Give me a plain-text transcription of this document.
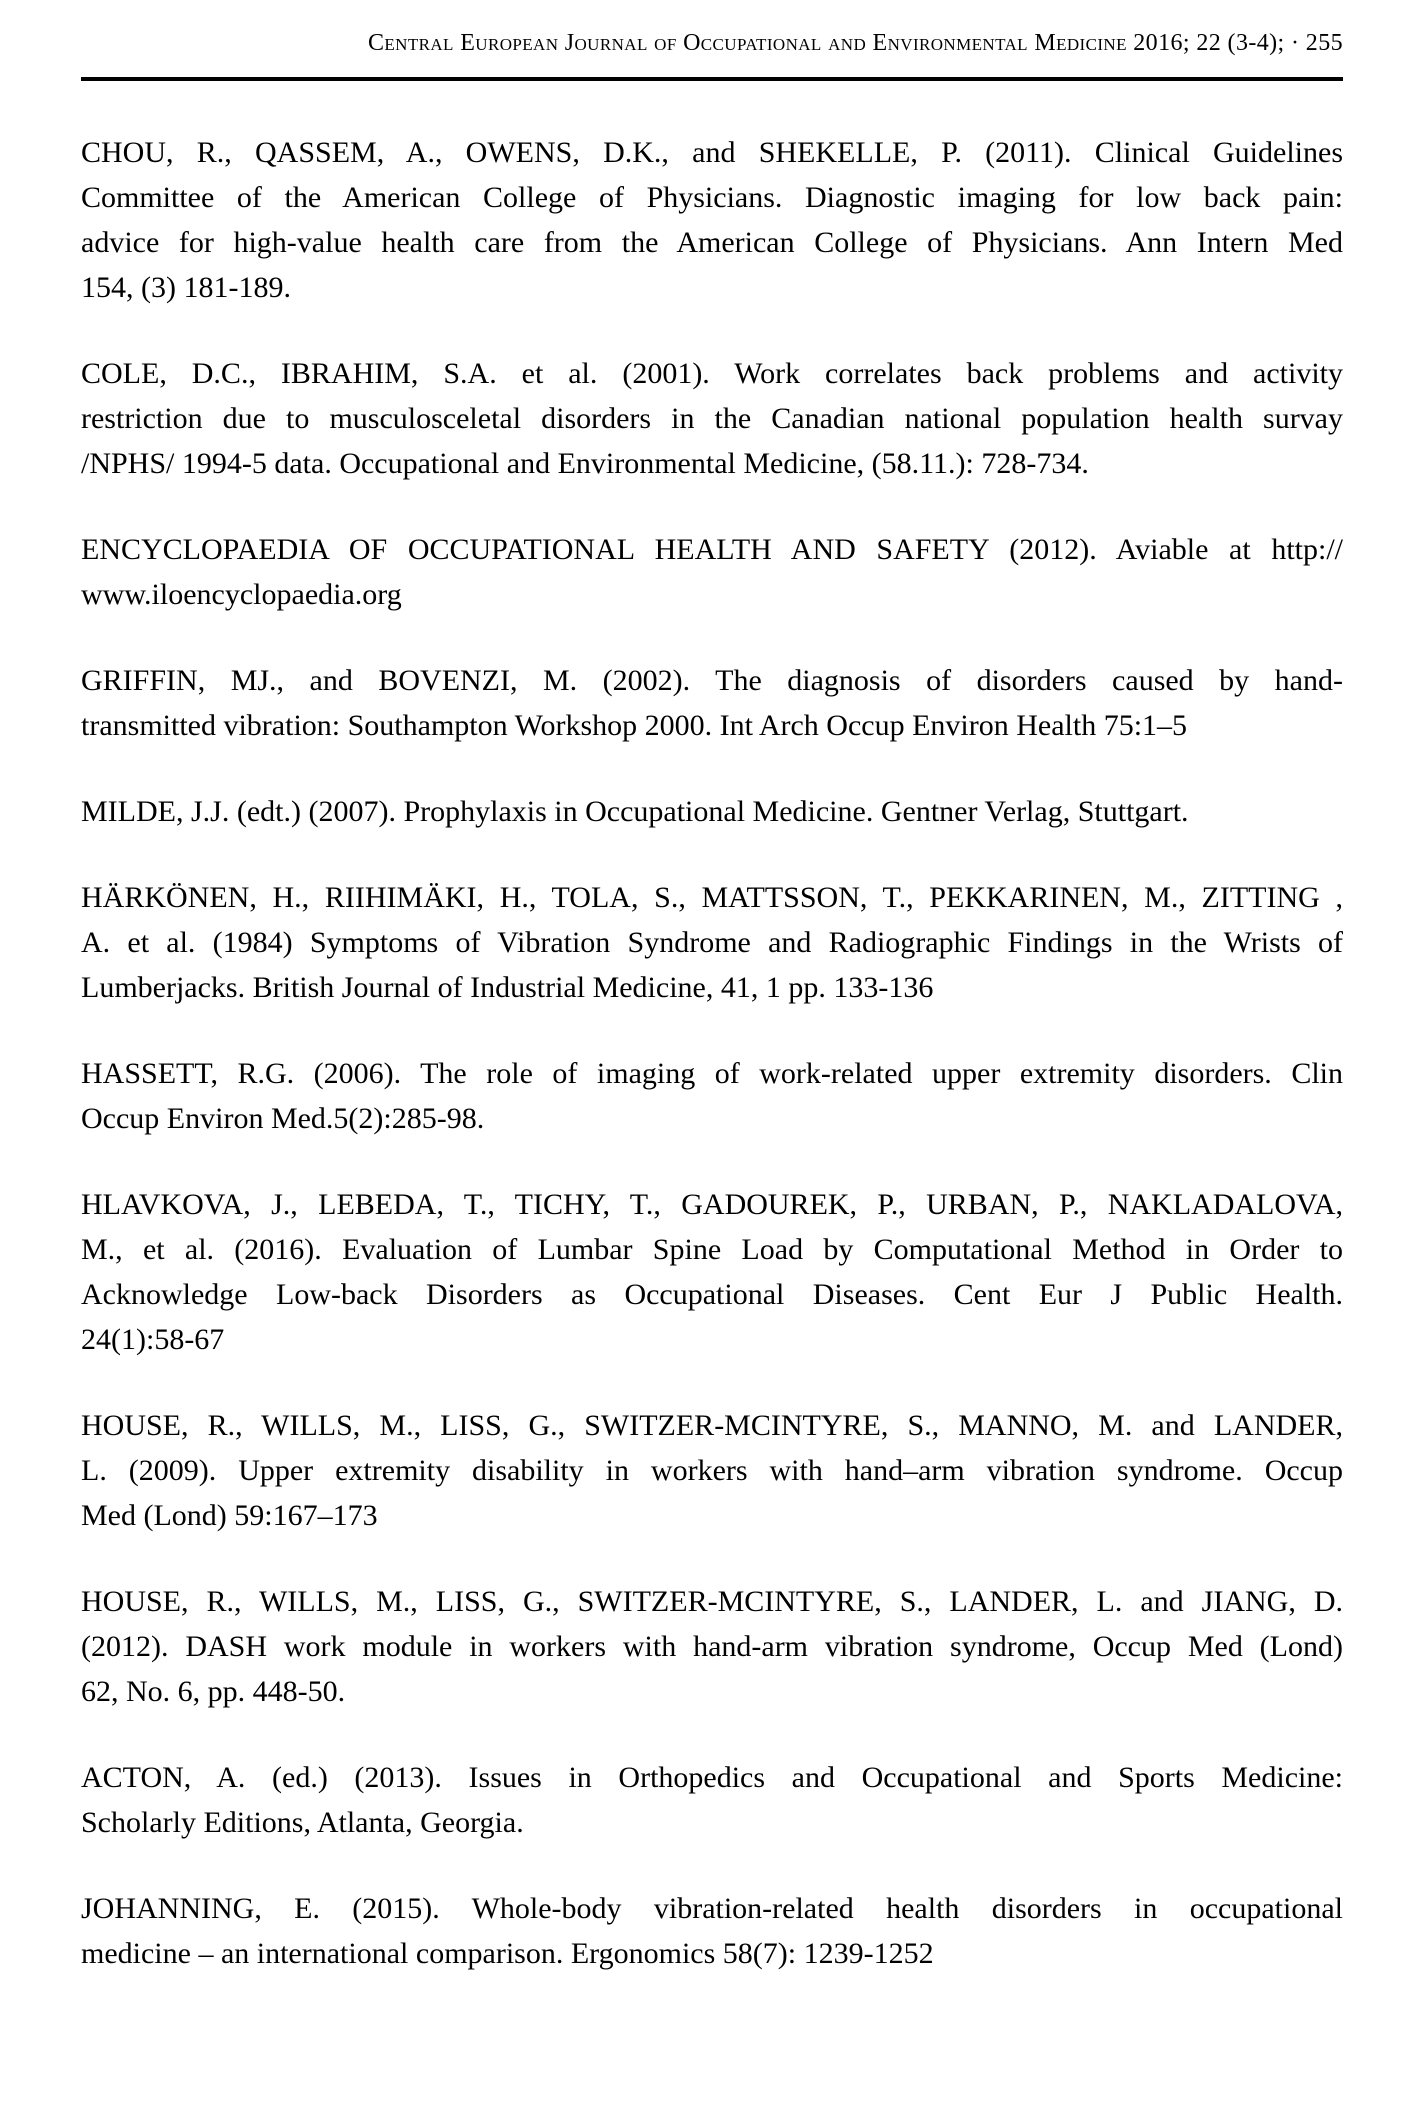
Central European Journal of Occupational and Environmental Medicine 2016; 22 (3-4); · 255
CHOU, R., QASSEM, A., OWENS, D.K., and SHEKELLE, P. (2011). Clinical Guidelines
Committee of the American College of Physicians. Diagnostic imaging for low back pain:
advice for high-value health care from the American College of Physicians. Ann Intern Med
154, (3) 181-189.
COLE, D.C., IBRAHIM, S.A. et al. (2001). Work correlates back problems and activity
restriction due to musculosceletal disorders in the Canadian national population health survay
/NPHS/ 1994-5 data. Occupational and Environmental Medicine, (58.11.): 728-734.
ENCYCLOPAEDIA OF OCCUPATIONAL HEALTH AND SAFETY (2012). Aviable at http://
www.iloencyclopaedia.org
GRIFFIN, MJ., and BOVENZI, M. (2002). The diagnosis of disorders caused by hand-
transmitted vibration: Southampton Workshop 2000. Int Arch Occup Environ Health 75:1–5
MILDE, J.J. (edt.) (2007). Prophylaxis in Occupational Medicine. Gentner Verlag, Stuttgart.
HÄRKÖNEN, H., RIIHIMÄKI, H., TOLA, S., MATTSSON, T., PEKKARINEN, M., ZITTING ,
A. et al. (1984) Symptoms of Vibration Syndrome and Radiographic Findings in the Wrists of
Lumberjacks. British Journal of Industrial Medicine, 41, 1 pp. 133-136
HASSETT, R.G. (2006). The role of imaging of work-related upper extremity disorders. Clin
Occup Environ Med.5(2):285-98.
HLAVKOVA, J., LEBEDA, T., TICHY, T., GADOUREK, P., URBAN, P., NAKLADALOVA,
M., et al. (2016). Evaluation of Lumbar Spine Load by Computational Method in Order to
Acknowledge Low-back Disorders as Occupational Diseases. Cent Eur J Public Health.
24(1):58-67
HOUSE, R., WILLS, M., LISS, G., SWITZER-MCINTYRE, S., MANNO, M. and LANDER,
L. (2009). Upper extremity disability in workers with hand–arm vibration syndrome. Occup
Med (Lond) 59:167–173
HOUSE, R., WILLS, M., LISS, G., SWITZER-MCINTYRE, S., LANDER, L. and JIANG, D.
(2012). DASH work module in workers with hand-arm vibration syndrome, Occup Med (Lond)
62, No. 6, pp. 448-50.
ACTON, A. (ed.) (2013). Issues in Orthopedics and Occupational and Sports Medicine:
Scholarly Editions, Atlanta, Georgia.
JOHANNING, E. (2015). Whole-body vibration-related health disorders in occupational
medicine – an international comparison. Ergonomics 58(7): 1239-1252
